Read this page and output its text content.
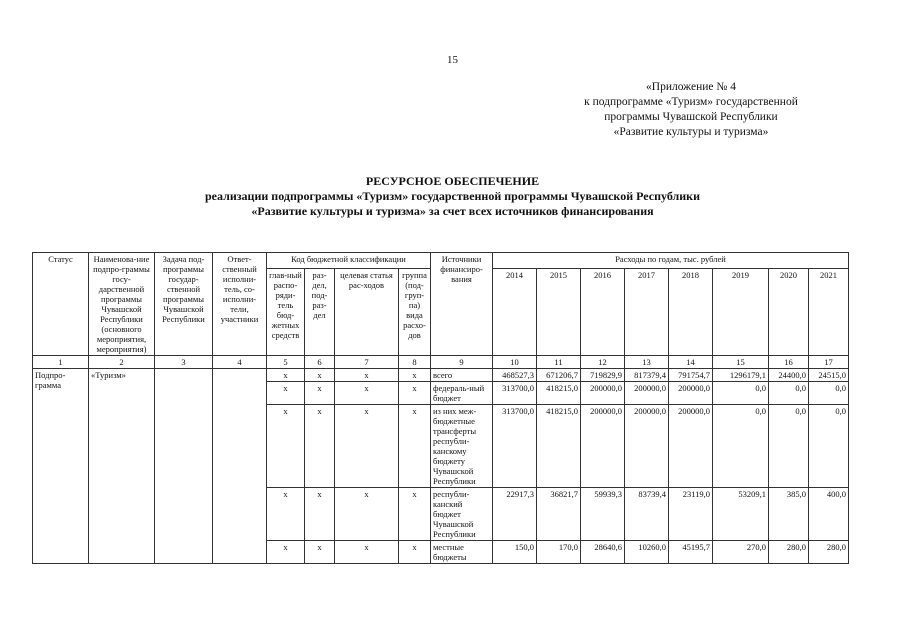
15
«Приложение № 4
к подпрограмме «Туризм» государственной
программы Чувашской Республики
«Развитие культуры и туризма»
РЕСУРСНОЕ ОБЕСПЕЧЕНИЕ
реализации подпрограммы «Туризм» государственной программы Чувашской Республики
«Развитие культуры и туризма» за счет всех источников финансирования
Статус	Наименова-ние подпро-граммы госу-дарственной программы Чувашской Республики (основного мероприятия, мероприятия)	Задача под-программы государ-ственной программы Чувашской Республики	Ответ-ственный исполни-тель, со-исполни-тели, участники	Код бюджетной классификации				Источники финансиро-вания	Расходы по годам, тыс. рублей							
				глав-ный распо-ряди-тель бюд-жетных средств	раз-дел, под-раз-дел	целевая статья рас-ходов	группа (под-груп-па) вида расхо-дов		2014	2015	2016	2017	2018	2019	2020	2021
1	2	3	4	5	6	7	8	9	10	11	12	13	14	15	16	17
Подпро-грамма	«Туризм»			x	x	x	x	всего	468527,3	671206,7	719829,9	817379,4	791754,7	1296179,1	24400,0	24515,0
				x	x	x	x	федераль-ный бюджет	313700,0	418215,0	200000,0	200000,0	200000,0	0,0	0,0	0,0
				x	x	x	x	из них меж-бюджетные трансферты республи-канскому бюджету Чувашской Республики	313700,0	418215,0	200000,0	200000,0	200000,0	0,0	0,0	0,0
				x	x	x	x	республи-канский бюджет Чувашской Республики	22917,3	36821,7	59939,3	83739,4	23119,0	53209,1	385,0	400,0
				x	x	x	x	местные бюджеты	150,0	170,0	28640,6	10260,0	45195,7	270,0	280,0	280,0
